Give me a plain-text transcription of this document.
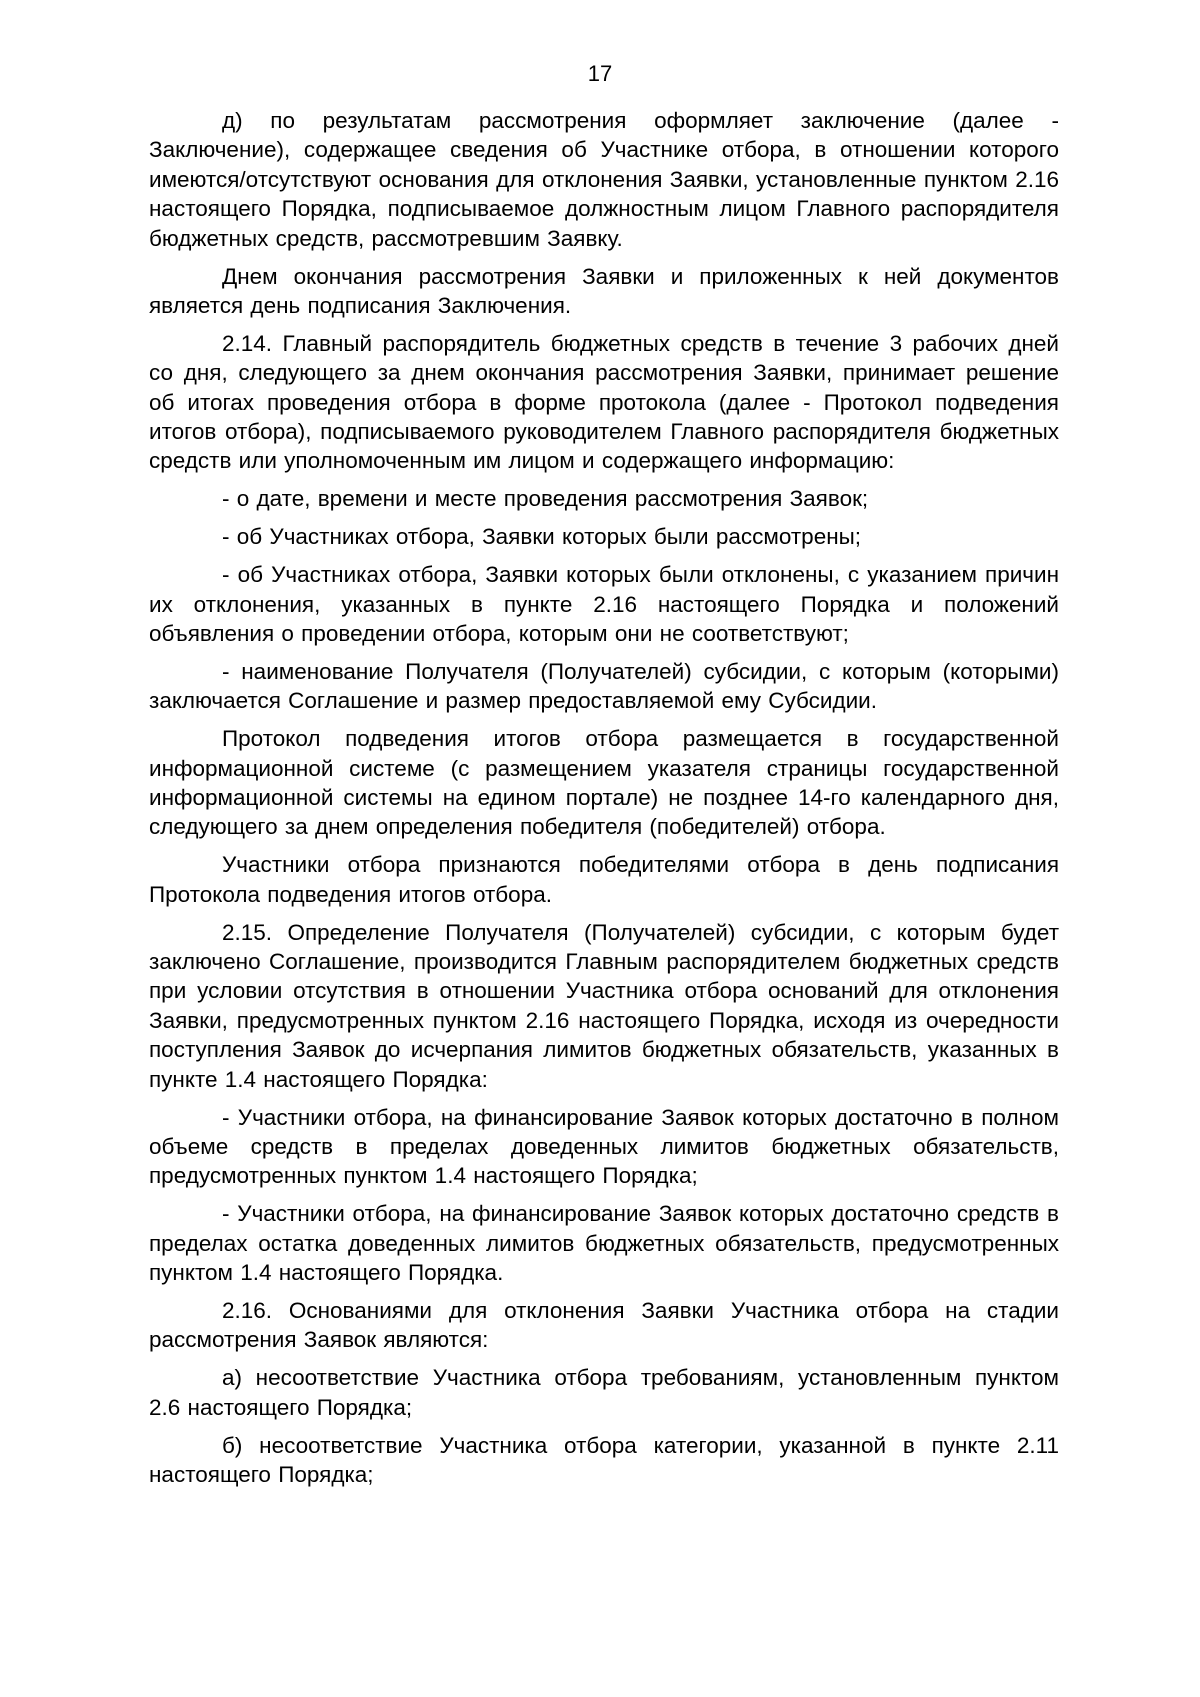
17

д) по результатам рассмотрения оформляет заключение (далее - Заключение), содержащее сведения об Участнике отбора, в отношении которого имеются/отсутствуют основания для отклонения Заявки, установленные пунктом 2.16 настоящего Порядка, подписываемое должностным лицом Главного распорядителя бюджетных средств, рассмотревшим Заявку.

Днем окончания рассмотрения Заявки и приложенных к ней документов является день подписания Заключения.

2.14. Главный распорядитель бюджетных средств в течение 3 рабочих дней со дня, следующего за днем окончания рассмотрения Заявки, принимает решение об итогах проведения отбора в форме протокола (далее - Протокол подведения итогов отбора), подписываемого руководителем Главного распорядителя бюджетных средств или уполномоченным им лицом и содержащего информацию:

- о дате, времени и месте проведения рассмотрения Заявок;

- об Участниках отбора, Заявки которых были рассмотрены;

- об Участниках отбора, Заявки которых были отклонены, с указанием причин их отклонения, указанных в пункте 2.16 настоящего Порядка и положений объявления о проведении отбора, которым они не соответствуют;

- наименование Получателя (Получателей) субсидии, с которым (которыми) заключается Соглашение и размер предоставляемой ему Субсидии.

Протокол подведения итогов отбора размещается в государственной информационной системе (с размещением указателя страницы государственной информационной системы на едином портале) не позднее 14-го календарного дня, следующего за днем определения победителя (победителей) отбора.

Участники отбора признаются победителями отбора в день подписания Протокола подведения итогов отбора.

2.15. Определение Получателя (Получателей) субсидии, с которым будет заключено Соглашение, производится Главным распорядителем бюджетных средств при условии отсутствия в отношении Участника отбора оснований для отклонения Заявки, предусмотренных пунктом 2.16 настоящего Порядка, исходя из очередности поступления Заявок до исчерпания лимитов бюджетных обязательств, указанных в пункте 1.4 настоящего Порядка:

- Участники отбора, на финансирование Заявок которых достаточно в полном объеме средств в пределах доведенных лимитов бюджетных обязательств, предусмотренных пунктом 1.4 настоящего Порядка;

- Участники отбора, на финансирование Заявок которых достаточно средств в пределах остатка доведенных лимитов бюджетных обязательств, предусмотренных пунктом 1.4 настоящего Порядка.

2.16. Основаниями для отклонения Заявки Участника отбора на стадии рассмотрения Заявок являются:

а) несоответствие Участника отбора требованиям, установленным пунктом 2.6 настоящего Порядка;

б) несоответствие Участника отбора категории, указанной в пункте 2.11 настоящего Порядка;
